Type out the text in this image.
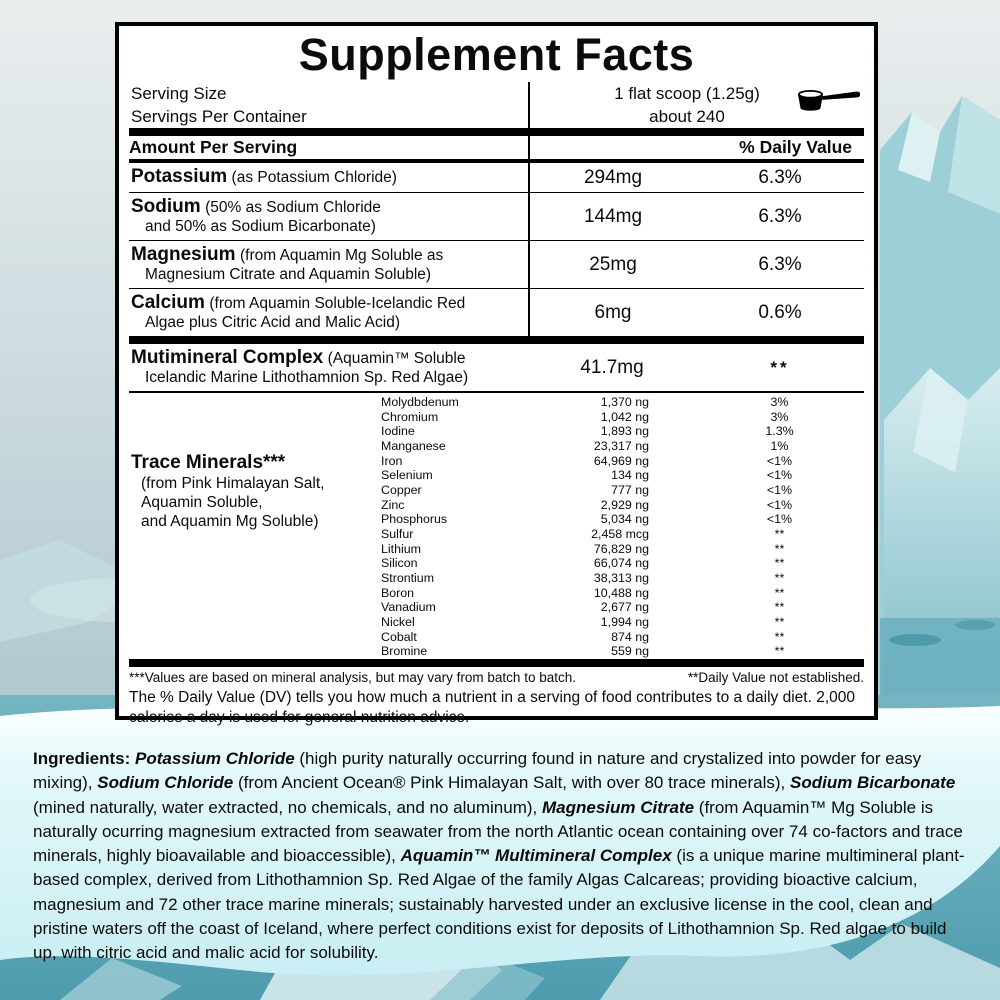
Supplement Facts
Serving Size	1 flat scoop (1.25g)
Servings Per Container	about 240
Amount Per Serving	% Daily Value
Potassium (as Potassium Chloride)	294mg	6.3%
Sodium (50% as Sodium Chloride
and 50% as Sodium Bicarbonate)	144mg	6.3%
Magnesium (from Aquamin Mg Soluble as
Magnesium Citrate and Aquamin Soluble)	25mg	6.3%
Calcium (from Aquamin Soluble-Icelandic Red
Algae plus Citric Acid and Malic Acid)	6mg	0.6%
Mutimineral Complex (Aquamin™ Soluble
Icelandic Marine Lithothamnion Sp. Red Algae)	41.7mg	**
Trace Minerals***
(from Pink Himalayan Salt,
Aquamin Soluble,
and Aquamin Mg Soluble)
Molydbdenum	1,370 ng	3%
Chromium	1,042 ng	3%
Iodine	1,893 ng	1.3%
Manganese	23,317 ng	1%
Iron	64,969 ng	<1%
Selenium	134 ng	<1%
Copper	777 ng	<1%
Zinc	2,929 ng	<1%
Phosphorus	5,034 ng	<1%
Sulfur	2,458 mcg	**
Lithium	76,829 ng	**
Silicon	66,074 ng	**
Strontium	38,313 ng	**
Boron	10,488 ng	**
Vanadium	2,677 ng	**
Nickel	1,994 ng	**
Cobalt	874 ng	**
Bromine	559 ng	**
***Values are based on mineral analysis, but may vary from batch to batch.	**Daily Value not established.
The % Daily Value (DV) tells you how much a nutrient in a serving of food contributes to a daily diet. 2,000 calories a day is used for general nutrition advice.

Ingredients: Potassium Chloride (high purity naturally occurring found in nature and crystalized into powder for easy mixing), Sodium Chloride (from Ancient Ocean® Pink Himalayan Salt, with over 80 trace minerals), Sodium Bicarbonate (mined naturally, water extracted, no chemicals, and no aluminum), Magnesium Citrate (from Aquamin™ Mg Soluble is naturally ocurring magnesium extracted from seawater from the north Atlantic ocean containing over 74 co-factors and trace minerals, highly bioavailable and bioaccessible), Aquamin™ Multimineral Complex (is a unique marine multimineral plant-based complex, derived from Lithothamnion Sp. Red Algae of the family Algas Calcareas; providing bioactive calcium, magnesium and 72 other trace marine minerals; sustainably harvested under an exclusive license in the cool, clean and pristine waters off the coast of Iceland, where perfect conditions exist for deposits of Lithothamnion Sp. Red algae to build up, with citric acid and malic acid for solubility.
